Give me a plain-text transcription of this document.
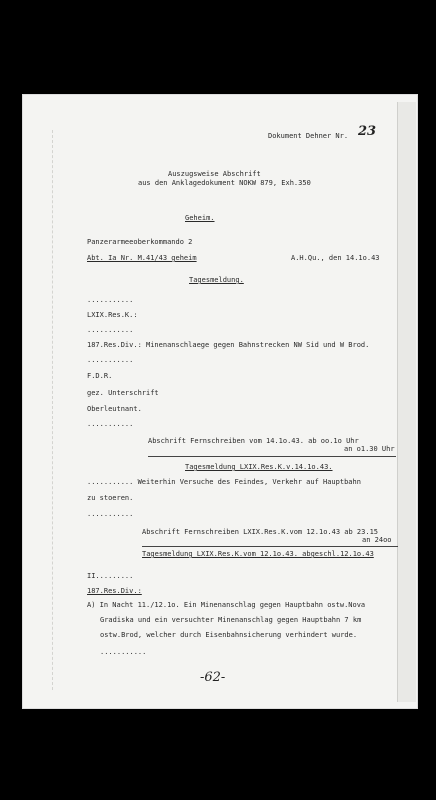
Dokument Dehner Nr. 23
Auszugsweise Abschrift
aus den Anklagedokument NOKW 879, Exh.350
Geheim.
Panzerarmeeoberkommando 2
Abt. Ia Nr. M.41/43 geheim	A.H.Qu., den 14.1o.43
Tagesmeldung.
...........
LXIX.Res.K.:
...........
187.Res.Div.: Minenanschlaege gegen Bahnstrecken NW Sid und W Brod.
...........
F.D.R.
gez. Unterschrift
Oberleutnant.
...........
Abschrift Fernschreiben vom 14.1o.43. ab oo.1o Uhr
an o1.30 Uhr
Tagesmeldung LXIX.Res.K.v.14.1o.43.
........... Weiterhin Versuche des Feindes, Verkehr auf Hauptbahn
zu stoeren.
...........
Abschrift Fernschreiben LXIX.Res.K.vom 12.1o.43 ab 23.15
an 24oo
Tagesmeldung LXIX.Res.K.vom 12.1o.43. abgeschl.12.1o.43
II.........
187.Res.Div.:
A) In Nacht 11./12.1o. Ein Minenanschlag gegen Hauptbahn ostw.Nova
Gradiska und ein versuchter Minenanschlag gegen Hauptbahn 7 km
ostw.Brod, welcher durch Eisenbahnsicherung verhindert wurde.
...........
-62-
